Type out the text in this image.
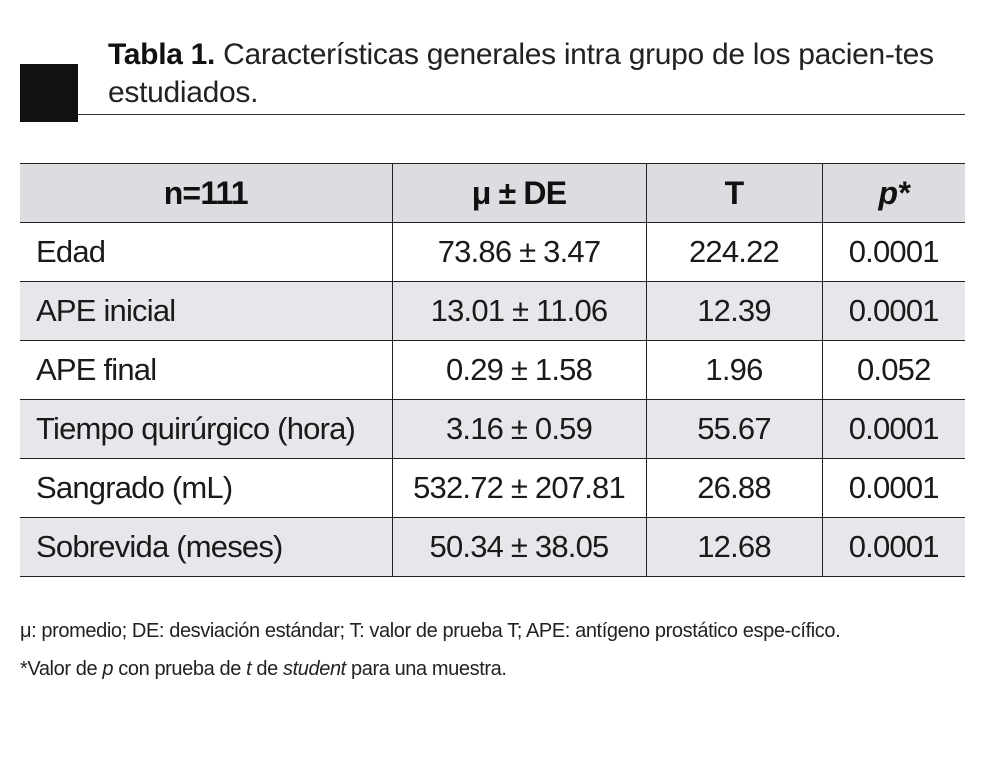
Tabla 1. Características generales intra grupo de los pacien-tes estudiados.
n=111	μ ± DE	T	p*
Edad	73.86 ± 3.47	224.22	0.0001
APE inicial	13.01 ± 11.06	12.39	0.0001
APE final	0.29 ± 1.58	1.96	0.052
Tiempo quirúrgico (hora)	3.16 ± 0.59	55.67	0.0001
Sangrado (mL)	532.72 ± 207.81	26.88	0.0001
Sobrevida (meses)	50.34 ± 38.05	12.68	0.0001

μ: promedio; DE: desviación estándar; T: valor de prueba T; APE: antígeno prostático espe-cífico.

*Valor de p con prueba de t de student para una muestra.
